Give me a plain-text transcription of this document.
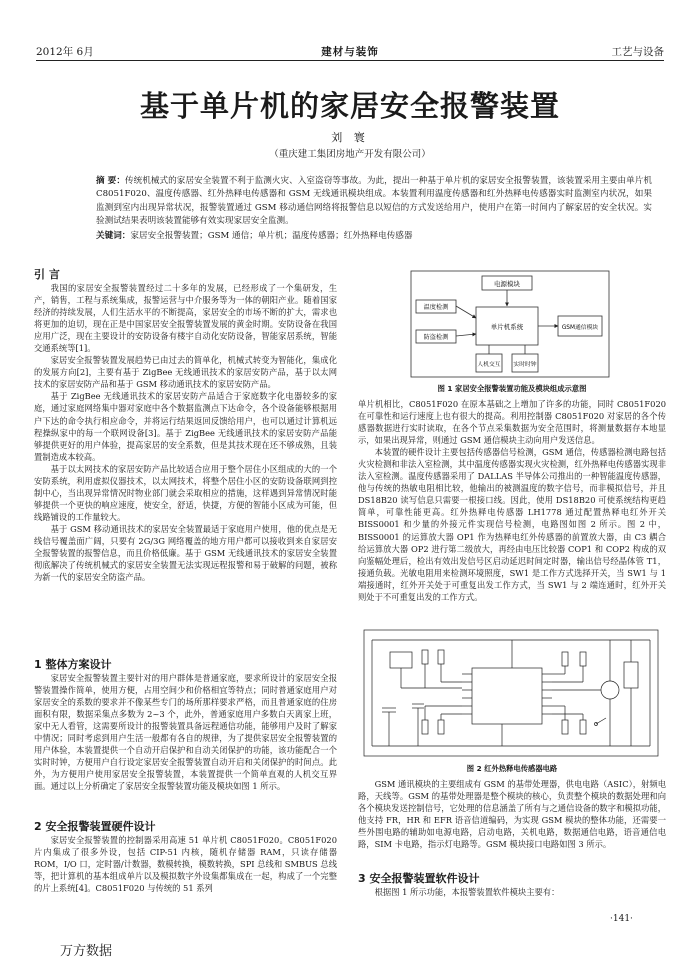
2012年 6月	建材与装饰	工艺与设备
基于单片机的家居安全报警装置
刘 寰
（重庆建工集团房地产开发有限公司）
摘 要：传统机械式的家居安全装置不利于监测火灾、入室盗窃等事故。为此，提出一种基于单片机的家居安全报警装置，该装置采用主要由单片机 C8051F020、温度传感器、红外热释电传感器和 GSM 无线通讯模块组成。本装置利用温度传感器和红外热释电传感器实时监测室内状况，如果监测到室内出现异常状况，报警装置通过 GSM 移动通信网络将报警信息以短信的方式发送给用户，使用户在第一时间内了解家居的安全状况。实验测试结果表明该装置能够有效实现家居安全监测。
关键词：家居安全报警装置；GSM 通信；单片机；温度传感器；红外热释电传感器
引 言

我国的家居安全报警装置经过二十多年的发展，已经形成了一个集研发，生产，销售，工程与系统集成，报警运营与中介服务等为一体的朝阳产业。随着国家经济的持续发展，人们生活水平的不断提高，家居安全的市场不断的扩大，需求也将更加的迫切，现在正是中国家居安全报警装置发展的黄金时期。安防设备在我国应用广泛，现在主要设计的安防设备有楼宇自动化安防设备，智能家居系统，智能交通系统等[1]。

家居安全报警装置发展趋势已由过去的简单化，机械式转变为智能化，集成化的发展方向[2]，主要有基于 ZigBee 无线通讯技术的家居安防产品，基于以太网技术的家居安防产品和基于 GSM 移动通讯技术的家居安防产品。

基于 ZigBee 无线通讯技术的家居安防产品适合于家庭数字化电器较多的家庭，通过家庭网络集中器对家庭中各个数据监测点下达命令，各个设备能够根据用户下达的命令执行相应命令，并将运行结果返回反馈给用户，也可以通过计算机远程操纵家中的每一个联网设备[3]。基于 ZigBee 无线通讯技术的家居安防产品能够提供更好的用户体验，提高家居的安全系数，但是其技术现在还不够成熟，且装置制造成本较高。

基于以太网技术的家居安防产品比较适合应用于整个居住小区组成的大的一个安防系统，利用虚拟仪器技术，以太网技术，将整个居住小区的安防设备联网到控制中心，当出现异常情况时物业部门就会采取相应的措施，这样遇到异常情况时能够提供一个更快的响应速度，使安全，舒适，快捷，方便的智能小区成为可能，但线路铺设的工作量较大。

基于 GSM 移动通讯技术的家居安全装置最适于家庭用户使用，他的优点是无线信号覆盖面广阔，只要有 2G/3G 网络覆盖的地方用户都可以接收到来自家居安全报警装置的报警信息，而且价格低廉。基于 GSM 无线通讯技术的家居安全装置彻底解决了传统机械式的家居安全装置无法实现远程报警和易于破解的问题，被称为新一代的家居安全防盗产品。

1 整体方案设计

家居安全报警装置主要针对的用户群体是普通家庭，要求所设计的家居安全报警装置操作简单，使用方便，占用空间少和价格相宜等特点；同时普通家庭用户对家居安全的系数的要求并不像某些专门的场所那样要求严格，而且普通家庭的住房面积有限，数据采集点多数为 2~3 个，此外，普通家庭用户多数白天离家上班，家中无人看管，这需要所设计的报警装置具备远程通信功能，能够用户及时了解家中情况；同时考虑到用户生活一般都有各自的规律，为了提供家居安全报警装置的用户体验，本装置提供一个自动开启保护和自动关闭保护的功能，该功能配合一个实时时钟，方便用户自行设定家居安全报警装置自动开启和关闭保护的时间点。此外，为方便用户使用家居安全报警装置，本装置提供一个简单直观的人机交互界面。通过以上分析确定了家居安全报警装置功能及模块如图 1 所示。

2 安全报警装置硬件设计

家居安全报警装置的控制器采用高速 51 单片机 C8051F020。C8051F020 片内集成了很多外设，包括 CIP-51 内核，随机存储器 RAM，只读存储器 ROM，I/O 口，定时器/计数器，数模转换，模数转换，SPI 总线和 SMBUS 总线等，把计算机的基本组成单片以及模拟数字外设集都集成在一起，构成了一个完整的片上系统[4]。C8051F020 与传统的 51 系列

电源模块
温度检测
防盗检测
单片机系统	GSM通信模块
人机交互 实时时钟
图 1 家居安全报警装置功能及模块组成示意图

单片机相比，C8051F020 在原本基础之上增加了许多的功能，同时 C8051F020 在可靠性和运行速度上也有很大的提高。利用控制器 C8051F020 对家居的各个传感器数据进行实时读取，在各个节点采集数据为安全范围时，将测量数据存本地显示，如果出现异常，则通过 GSM 通信模块主动向用户发送信息。

本装置的硬件设计主要包括传感器信号检测，GSM 通信，传感器检测电路包括火灾检测和非法入室检测，其中温度传感器实现火灾检测，红外热释电传感器实现非法入室检测。温度传感器采用了 DALLAS 半导体公司推出的一种智能温度传感器，他与传统的热敏电阻相比较，他输出的被测温度的数字信号，而非模拟信号，并且 DS18B20 读写信息只需要一根接口线。因此，使用 DS18B20 可使系统结构更趋简单，可靠性能更高。红外热释电传感器 LH1778 通过配置热释电红外开关 BISS0001 和少量的外接元件实现信号检测，电路图如图 2 所示。图 2 中，BISS0001 的运算放大器 OP1 作为热释电红外传感器的前置放大器，由 C3 耦合给运算放大器 OP2 进行第二级放大，再经由电压比较器 COP1 和 COP2 构成的双向鉴幅处理后，检出有效出发信号区启动延迟时间定时器，输出信号经晶体管 T1，接通负载。光敏电阻用来检测环境照度，SW1 是工作方式选择开关，当 SW1 与 1 端接通时，红外开关处于可重复出发工作方式，当 SW1 与 2 端连通时，红外开关则处于不可重复出发的工作方式。

图 2 红外热释电传感器电路

GSM 通讯模块的主要组成有 GSM 的基带处理器，供电电路（ASIC），射频电路，天线等。GSM 的基带处理器是整个模块的核心，负责整个模块的数据处理和向各个模块发送控制信号，它处理的信息涵盖了所有与之通信设备的数字和模拟功能，他支持 FR，HR 和 EFR 语音信道编码，为实现 GSM 模块的整体功能，还需要一些外围电路的辅助如电源电路，启动电路，关机电路，数据通信电路，语音通信电路，SIM 卡电路，指示灯电路等。GSM 模块接口电路如图 3 所示。

3 安全报警装置软件设计

根据图 1 所示功能，本报警装置软件模块主要有：

·141·
万方数据
